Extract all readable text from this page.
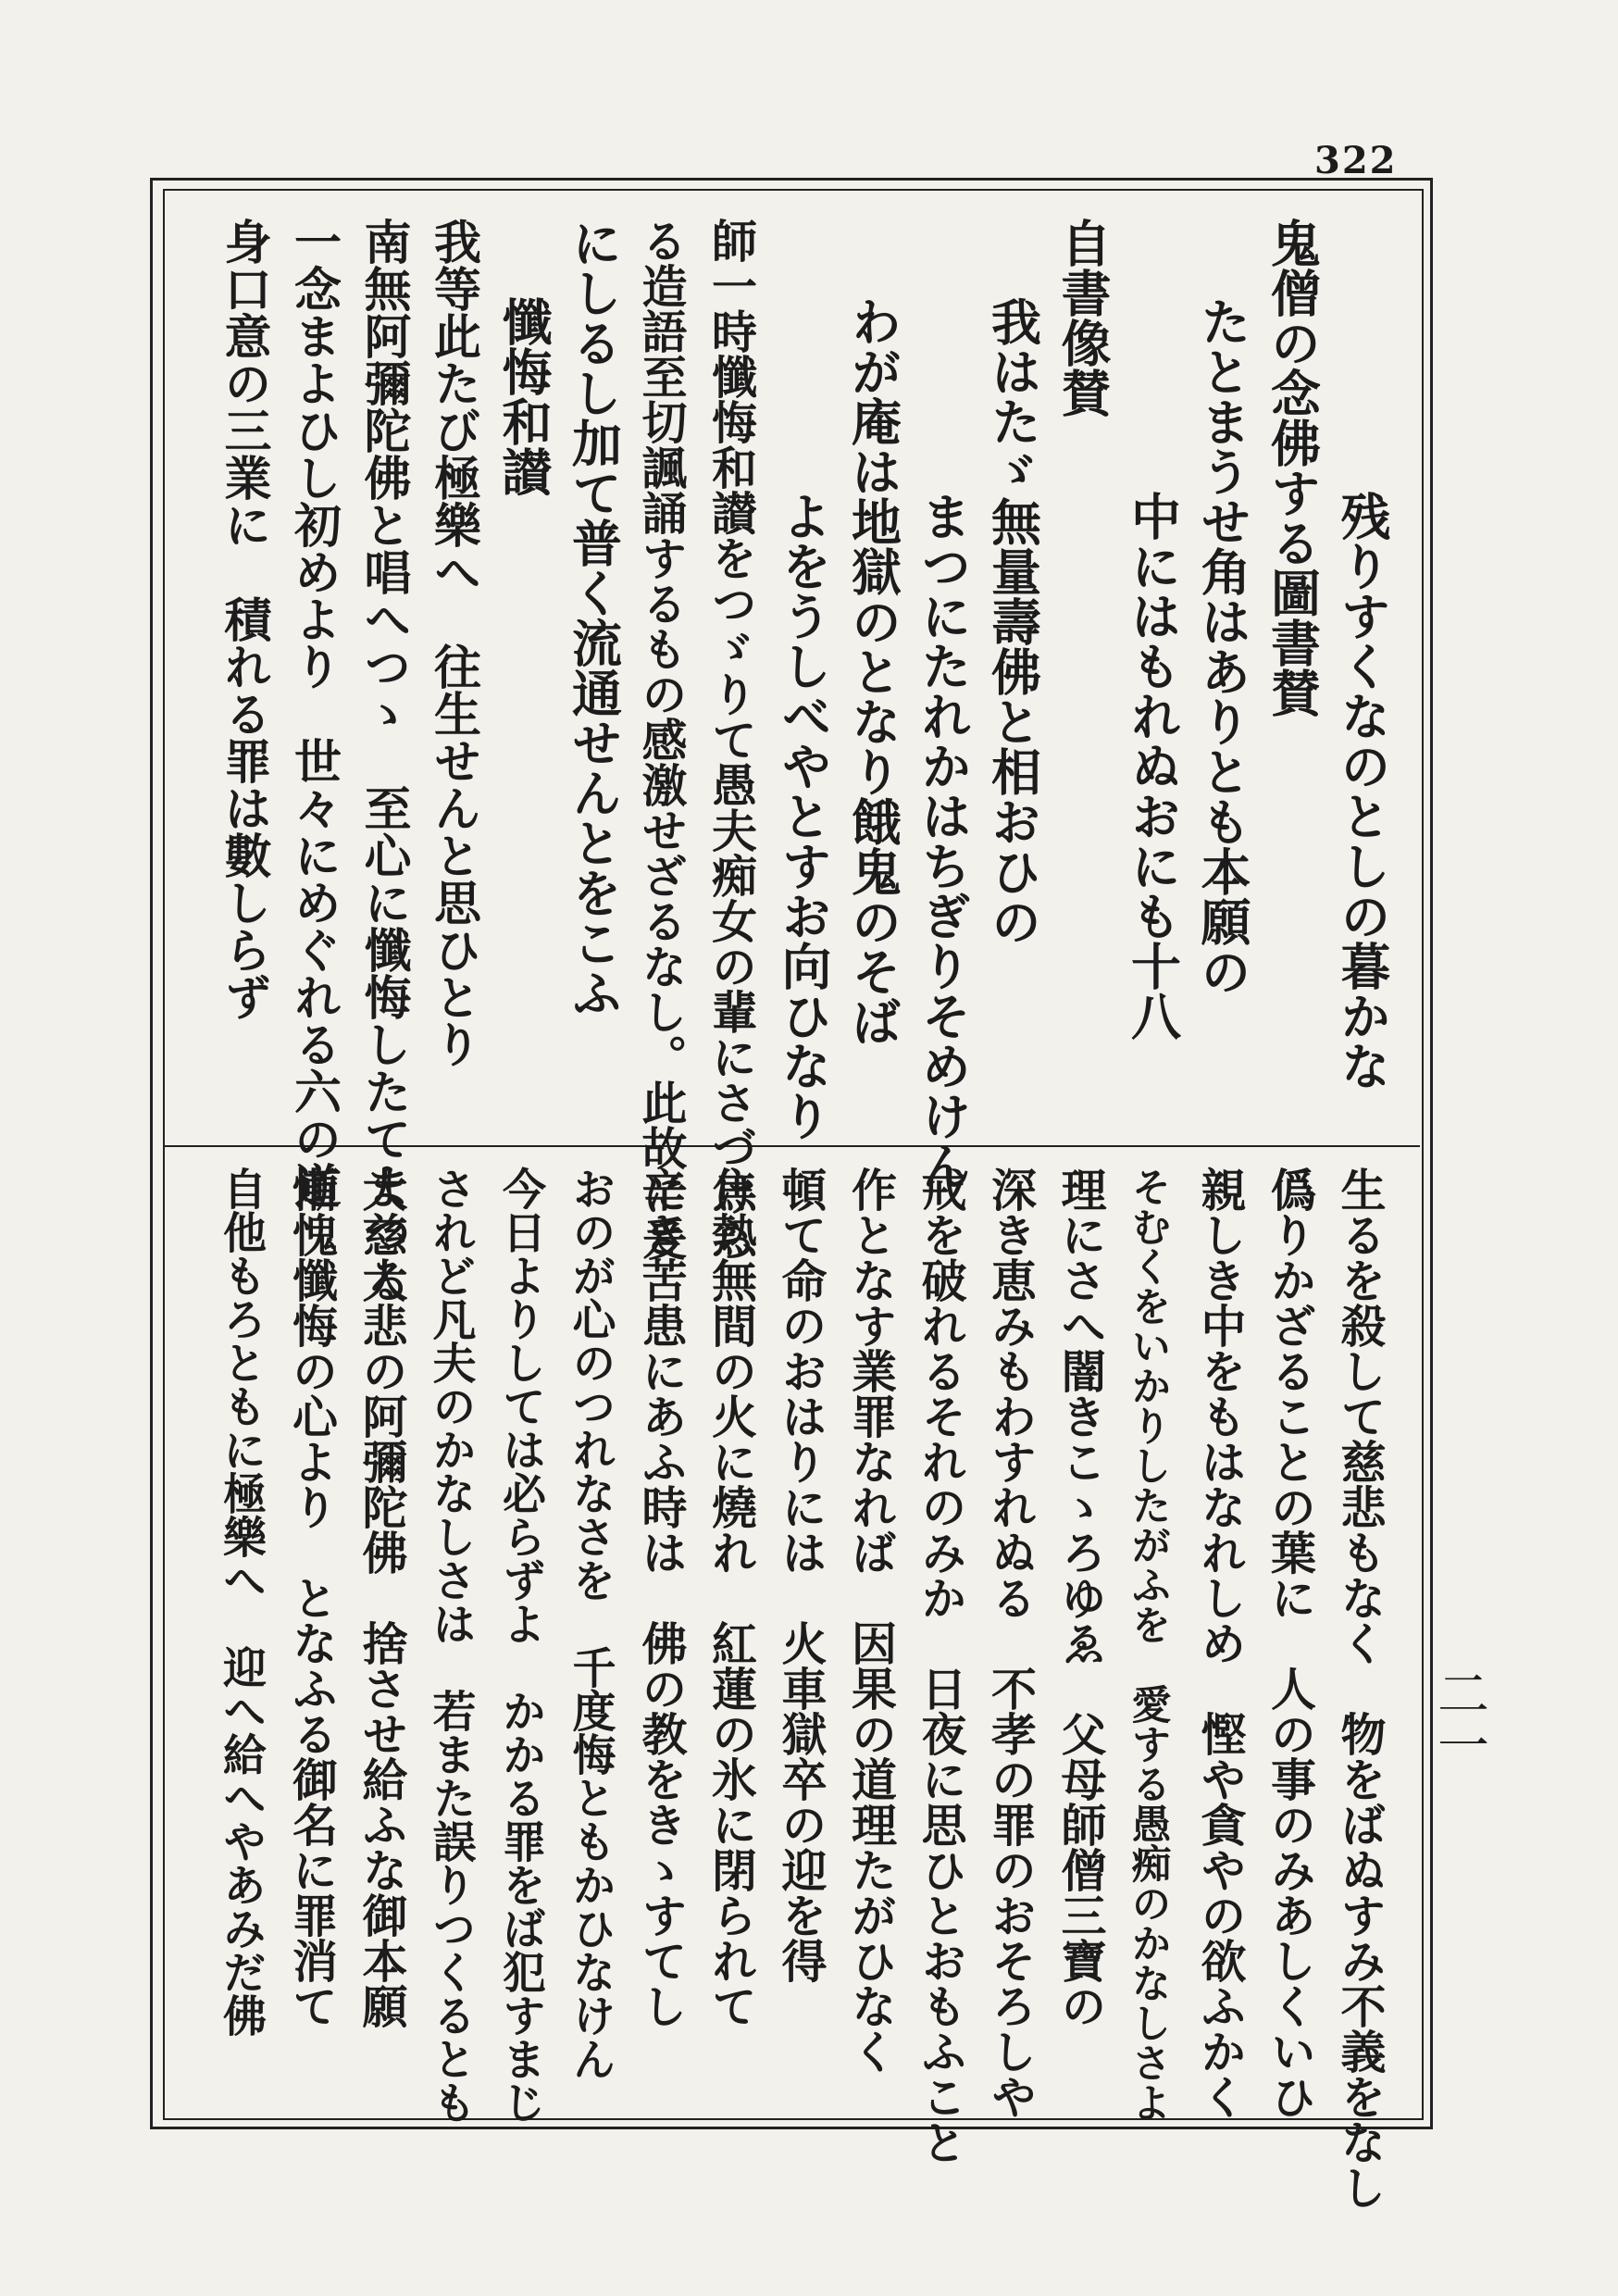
322
二一
残りすくなのとしの暮かな
鬼僧の念佛する圖書賛
たとまうせ角はありとも本願の
中にはもれぬおにも十八
自書像賛
我はたゞ無量壽佛と相おひの
まつにたれかはちぎりそめけん
わが庵は地獄のとなり餓鬼のそば
よをうしべやとすお向ひなり
師一時懺悔和讃をつゞりて愚夫痴女の輩にさづけら
る造語至切諷誦するもの感激せざるなし。此故に爰
にしるし加て普く流通せんとをこふ
懺悔和讃
我等此たび極樂へ　往生せんと思ひとり
南無阿彌陀佛と唱へつゝ　至心に懺悔したてまつる
一念まよひし初めより　世々にめぐれる六の道
生るを殺して慈悲もなく　物をばぬすみ不義をなし
僞りかざることの葉に　人の事のみあしくいひ
親しき中をもはなれしめ　慳や貪やの欲ふかく
そむくをいかりしたがふを　愛する愚痴のかなしさよ
理にさへ闇きこゝろゆゑ　父母師僧三寶の
深き恵みもわすれぬる　不孝の罪のおそろしや
戒を破れるそれのみか　日夜に思ひとおもふこと
作となす業罪なれば　因果の道理たがひなく
頓て命のおはりには　火車獄卒の迎を得
焦熱無間の火に燒れ　紅蓮の氷に閉られて
辛き苦患にあふ時は　佛の教をきゝすてし
おのが心のつれなさを　千度悔ともかひなけん
今日よりしては必らずよ　かかる罪をば犯すまじ
されど凡夫のかなしさは　若また誤りつくるとも
大慈大悲の阿彌陀佛　捨させ給ふな御本願
慚愧懺悔の心より　となふる御名に罪消て
身口意の三業に　積れる罪は數しらず
自他もろともに極樂へ　迎へ給へやあみだ佛
